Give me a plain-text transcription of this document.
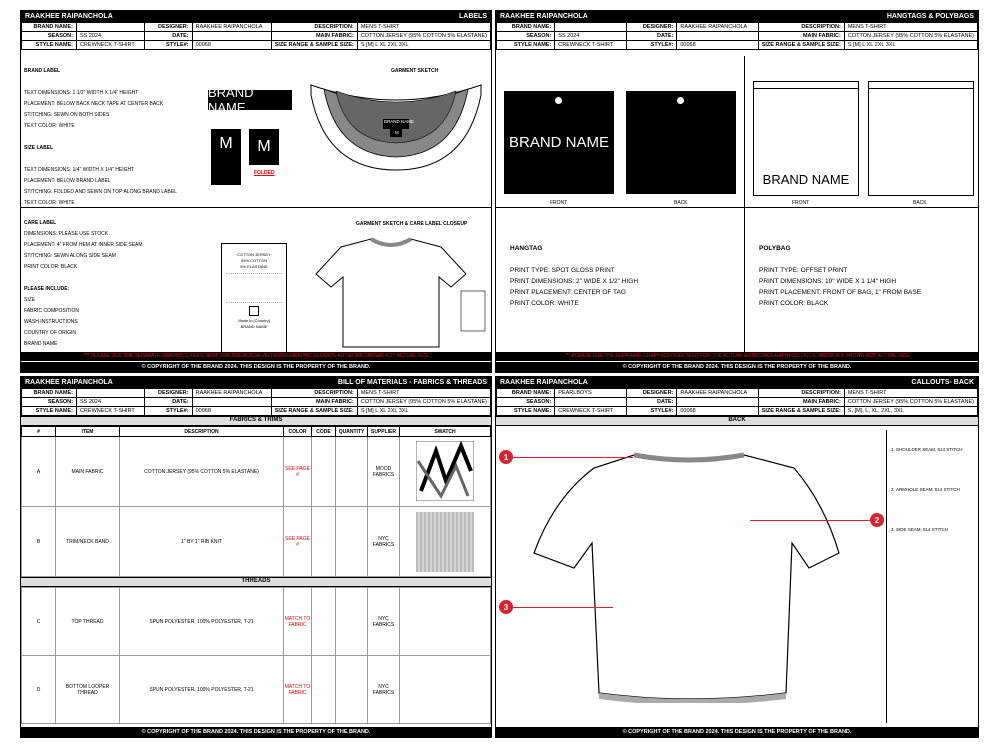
RAAKHEE RAIPANCHOLA	LABELS
BRAND NAME:		DESIGNER:	RAAKHEE RAIPANCHOLA	DESCRIPTION:	MENS T-SHIRT
SEASON:	SS 2024	DATE:		MAIN FABRIC:	COTTON JERSEY (95% COTTON 5% ELASTANE)
STYLE NAME:	CREWNECK T-SHIRT	STYLE#:	00068	SIZE RANGE & SAMPLE SIZE:	S [M] L XL 2XL 3XL
BRAND LABEL

TEXT DIMENSIONS: 1 1/2" WIDTH X 1/4" HEIGHT
PLACEMENT: BELOW BACK NECK TAPE AT CENTER BACK
STITCHING: SEWN ON BOTH SIDES
TEXT COLOR: WHITE

SIZE LABEL

TEXT DIMENSIONS: 1/4" WIDTH X 1/4" HEIGHT
PLACEMENT: BELOW BRAND LABEL
STITCHING: FOLDED AND SEWN ON TOP ALONG BRAND LABEL
TEXT COLOR: WHITE
BRAND NAME
M	M
FOLDED
GARMENT SKETCH
BRAND NAME
M
CARE LABEL

DIMENSIONS: PLEASE USE STOCK
PLACEMENT: 4" FROM HEM AT INNER SIDE SEAM
STITCHING: SEWN ALONG SIDE SEAM
PRINT COLOR: BLACK

PLEASE INCLUDE:
SIZE
FABRIC COMPOSITION
WASH INSTRUCTIONS
COUNTRY OF ORIGIN
BRAND NAME
COTTON JERSEY
95% COTTON
5% ELASTANE
Made in [Country]
BRAND NAME
GARMENT SKETCH & CARE LABEL CLOSEUP
*** PLEASE USE THE SEPARATE GRAPHICS FILES SENT FOR THE ACTUAL ARTWORK/GRAPHICS/LOGOS. ARTWORK SHOWN NOT ACTUAL SIZE
© COPYRIGHT OF THE BRAND 2024. THIS DESIGN IS THE PROPERTY OF THE BRAND.
RAAKHEE RAIPANCHOLA	HANGTAGS & POLYBAGS
BRAND NAME:		DESIGNER:	RAAKHEE RAIPANCHOLA	DESCRIPTION:	MENS T-SHIRT
SEASON:	SS 2024	DATE:		MAIN FABRIC:	COTTON JERSEY (95% COTTON 5% ELASTANE)
STYLE NAME:	CREWNECK T-SHIRT	STYLE#:	00068	SIZE RANGE & SAMPLE SIZE:	S [M] L XL 2XL 3XL
BRAND NAME
FRONT	BACK
BRAND NAME
FRONT	BACK
HANGTAG

PRINT TYPE: SPOT GLOSS PRINT
PRINT DIMENSIONS: 2" WIDE X 1/2" HIGH
PRINT PLACEMENT: CENTER OF TAG
PRINT COLOR: WHITE
POLYBAG

PRINT TYPE: OFFSET PRINT
PRINT DIMENSIONS: 10" WIDE X 1 1/4" HIGH
PRINT PLACEMENT: FRONT OF BAG, 1" FROM BASE
PRINT COLOR: BLACK
*** PLEASE USE THE SEPARATE GRAPHICS FILES SENT FOR THE ACTUAL ARTWORK/GRAPHICS/LOGOS. ARTWORK SHOWN NOT ACTUAL SIZE
© COPYRIGHT OF THE BRAND 2024. THIS DESIGN IS THE PROPERTY OF THE BRAND.
RAAKHEE RAIPANCHOLA	BILL OF MATERIALS - FABRICS & THREADS
BRAND NAME:		DESIGNER:	RAAKHEE RAIPANCHOLA	DESCRIPTION:	MENS T-SHIRT
SEASON:	SS 2024	DATE:		MAIN FABRIC:	COTTON JERSEY (95% COTTON 5% ELASTANE)
STYLE NAME:	CREWNECK T-SHIRT	STYLE#:	00068	SIZE RANGE & SAMPLE SIZE:	S [M] L XL 2XL 3XL
FABRICS & TRIMS
#	ITEM	DESCRIPTION	COLOR	CODE	QUANTITY	SUPPLIER	SWATCH
A	MAIN FABRIC	COTTON JERSEY (95% COTTON 5% ELASTANE)	SEE PAGE #			MOOD FABRICS	
B	TRIM/NECK BAND	1" BY 1" RIB KNIT	SEE PAGE #			NYC FABRICS	
THREADS
C	TOP THREAD	SPUN POLYESTER, 100% POLYESTER, T-21	MATCH TO FABRIC			NYC FABRICS	
D	BOTTOM LOOPER THREAD	SPUN POLYESTER, 100% POLYESTER, T-21	MATCH TO FABRIC			NYC FABRICS	
© COPYRIGHT OF THE BRAND 2024. THIS DESIGN IS THE PROPERTY OF THE BRAND.
RAAKHEE RAIPANCHOLA	CALLOUTS- BACK
BRAND NAME:	PEARLBOYS	DESIGNER:	RAAKHEE RAIPANCHOLA	DESCRIPTION:	MENS T-SHIRT
SEASON:		DATE:		MAIN FABRIC:	COTTON JERSEY (95% COTTON 5% ELASTANE)
STYLE NAME:	CREWNECK T-SHIRT	STYLE#:	00068	SIZE RANGE & SAMPLE SIZE:	S, [M], L, XL, 2XL, 3XL
BACK
1
2
3
1 SHOULDER SEAM, 514 STITCH
2 ARMHOLE SEAM, 514 STITCH
3 SIDE SEAM, 514 STITCH
© COPYRIGHT OF THE BRAND 2024. THIS DESIGN IS THE PROPERTY OF THE BRAND.
